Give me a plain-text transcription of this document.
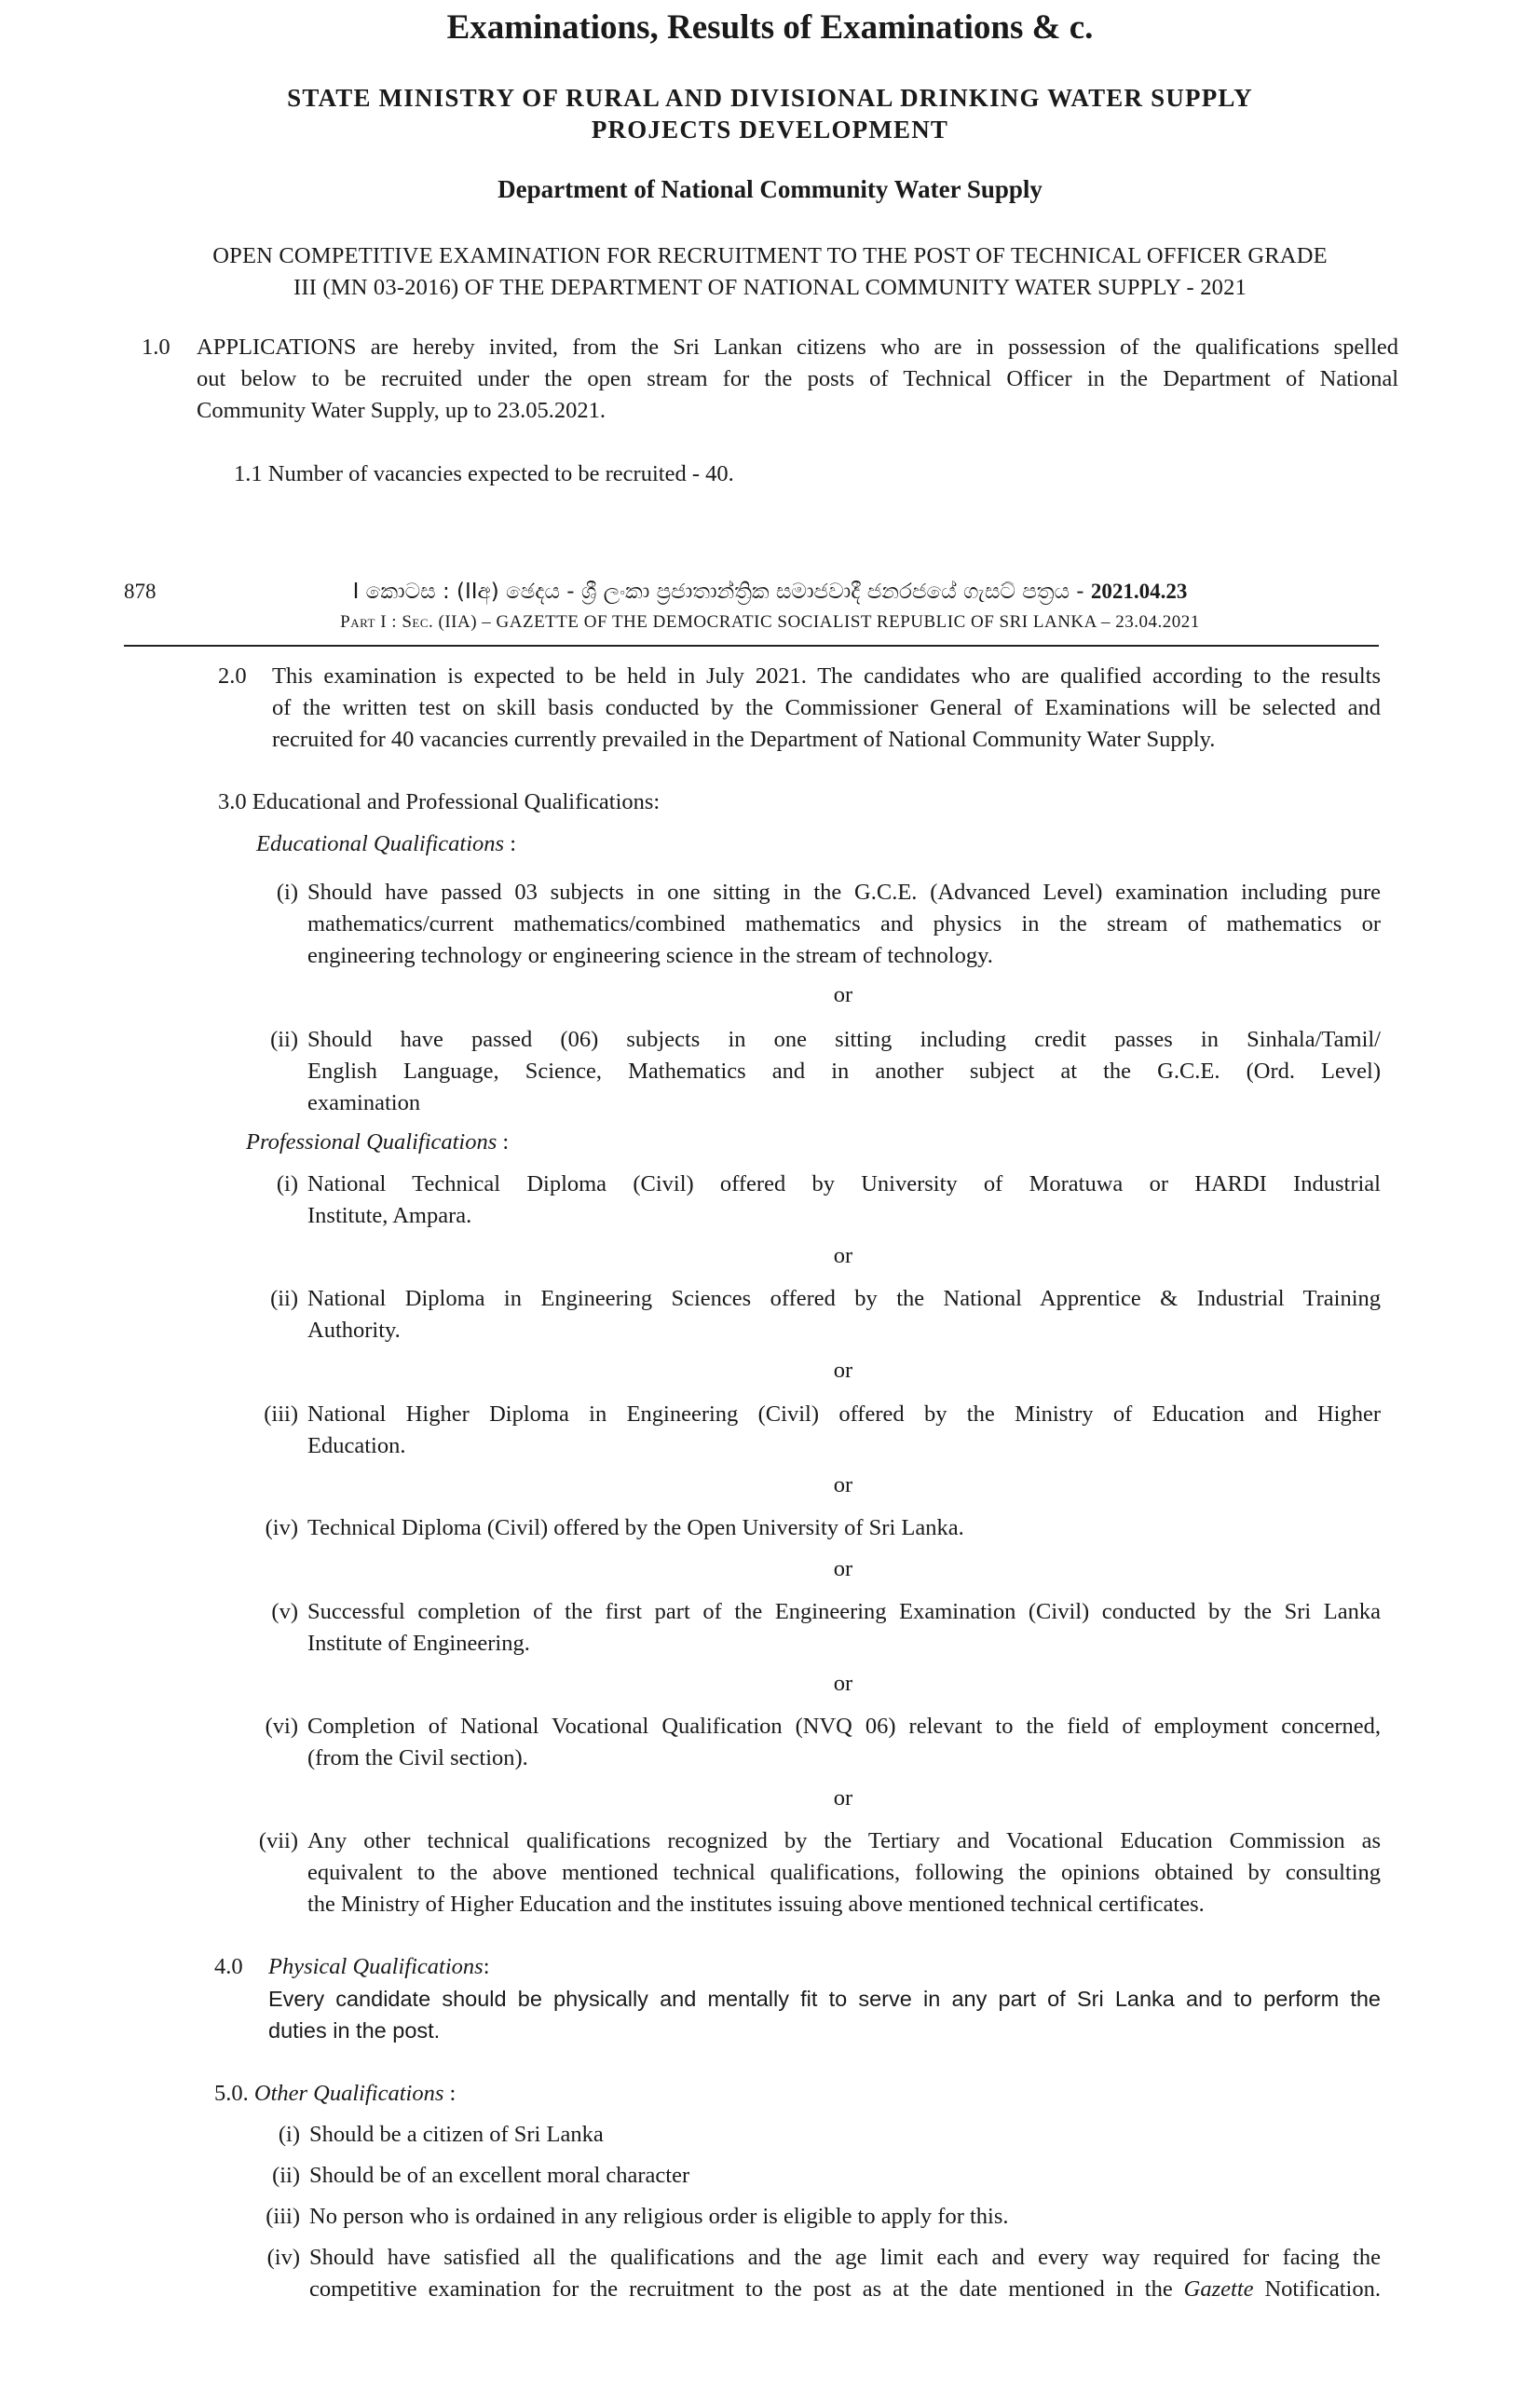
Examinations, Results of Examinations & c.
STATE MINISTRY OF RURAL AND DIVISIONAL DRINKING WATER SUPPLY
PROJECTS DEVELOPMENT
Department of National Community Water Supply
OPEN COMPETITIVE EXAMINATION FOR RECRUITMENT TO THE POST OF TECHNICAL OFFICER GRADE
III (MN 03-2016) OF THE DEPARTMENT OF NATIONAL COMMUNITY WATER SUPPLY - 2021
1.0 APPLICATIONS are hereby invited, from the Sri Lankan citizens who are in possession of the qualifications spelled
out below to be recruited under the open stream for the posts of Technical Officer in the Department of National
Community Water Supply, up to 23.05.2021.
1.1 Number of vacancies expected to be recruited - 40.
878	I කොටස : (IIඅ) ඡෙදය - ශ්‍රී ලංකා ප්‍රජාතාන්ත්‍රික සමාජවාදී ජනරජයේ ගැසට් පත්‍රය - 2021.04.23
Part I : Sec. (IIA) – GAZETTE OF THE DEMOCRATIC SOCIALIST REPUBLIC OF SRI LANKA – 23.04.2021
2.0 This examination is expected to be held in July 2021. The candidates who are qualified according to the results
of the written test on skill basis conducted by the Commissioner General of Examinations will be selected and
recruited for 40 vacancies currently prevailed in the Department of National Community Water Supply.
3.0 Educational and Professional Qualifications:
Educational Qualifications :
(i) Should have passed 03 subjects in one sitting in the G.C.E. (Advanced Level) examination including pure
mathematics/current mathematics/combined mathematics and physics in the stream of mathematics or
engineering technology or engineering science in the stream of technology.
or
(ii) Should have passed (06) subjects in one sitting including credit passes in Sinhala/Tamil/
English Language, Science, Mathematics and in another subject at the G.C.E. (Ord. Level)
examination
Professional Qualifications :
(i) National Technical Diploma (Civil) offered by University of Moratuwa or HARDI Industrial
Institute, Ampara.
or
(ii) National Diploma in Engineering Sciences offered by the National Apprentice & Industrial Training
Authority.
or
(iii) National Higher Diploma in Engineering (Civil) offered by the Ministry of Education and Higher
Education.
or
(iv) Technical Diploma (Civil) offered by the Open University of Sri Lanka.
or
(v) Successful completion of the first part of the Engineering Examination (Civil) conducted by the Sri Lanka
Institute of Engineering.
or
(vi) Completion of National Vocational Qualification (NVQ 06) relevant to the field of employment concerned,
(from the Civil section).
or
(vii) Any other technical qualifications recognized by the Tertiary and Vocational Education Commission as
equivalent to the above mentioned technical qualifications, following the opinions obtained by consulting
the Ministry of Higher Education and the institutes issuing above mentioned technical certificates.
4.0 Physical Qualifications:
Every candidate should be physically and mentally fit to serve in any part of Sri Lanka and to perform the
duties in the post.
5.0. Other Qualifications :
(i) Should be a citizen of Sri Lanka
(ii) Should be of an excellent moral character
(iii) No person who is ordained in any religious order is eligible to apply for this.
(iv) Should have satisfied all the qualifications and the age limit each and every way required for facing the
competitive examination for the recruitment to the post as at the date mentioned in the Gazette Notification.
